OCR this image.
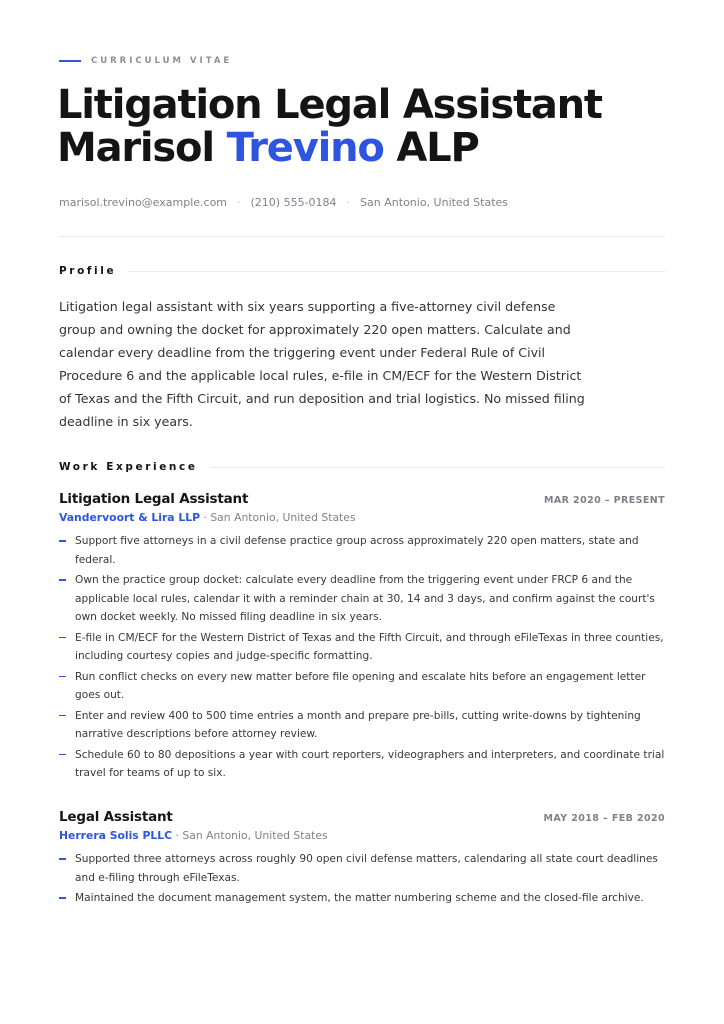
CURRICULUM VITAE
Litigation Legal Assistant
Marisol Trevino ALP
marisol.trevino@example.com · (210) 555-0184 · San Antonio, United States
Profile

Litigation legal assistant with six years supporting a five-attorney civil defense group and owning the docket for approximately 220 open matters. Calculate and calendar every deadline from the triggering event under Federal Rule of Civil Procedure 6 and the applicable local rules, e-file in CM/ECF for the Western District of Texas and the Fifth Circuit, and run deposition and trial logistics. No missed filing deadline in six years.

Work Experience
Litigation Legal Assistant	MAR 2020 – PRESENT
Vandervoort & Lira LLP · San Antonio, United States
Support five attorneys in a civil defense practice group across approximately 220 open matters, state and federal.
Own the practice group docket: calculate every deadline from the triggering event under FRCP 6 and the applicable local rules, calendar it with a reminder chain at 30, 14 and 3 days, and confirm against the court's own docket weekly. No missed filing deadline in six years.
E-file in CM/ECF for the Western District of Texas and the Fifth Circuit, and through eFileTexas in three counties, including courtesy copies and judge-specific formatting.
Run conflict checks on every new matter before file opening and escalate hits before an engagement letter goes out.
Enter and review 400 to 500 time entries a month and prepare pre-bills, cutting write-downs by tightening narrative descriptions before attorney review.
Schedule 60 to 80 depositions a year with court reporters, videographers and interpreters, and coordinate trial travel for teams of up to six.
Legal Assistant	MAY 2018 – FEB 2020
Herrera Solis PLLC · San Antonio, United States
Supported three attorneys across roughly 90 open civil defense matters, calendaring all state court deadlines and e-filing through eFileTexas.
Maintained the document management system, the matter numbering scheme and the closed-file archive.
